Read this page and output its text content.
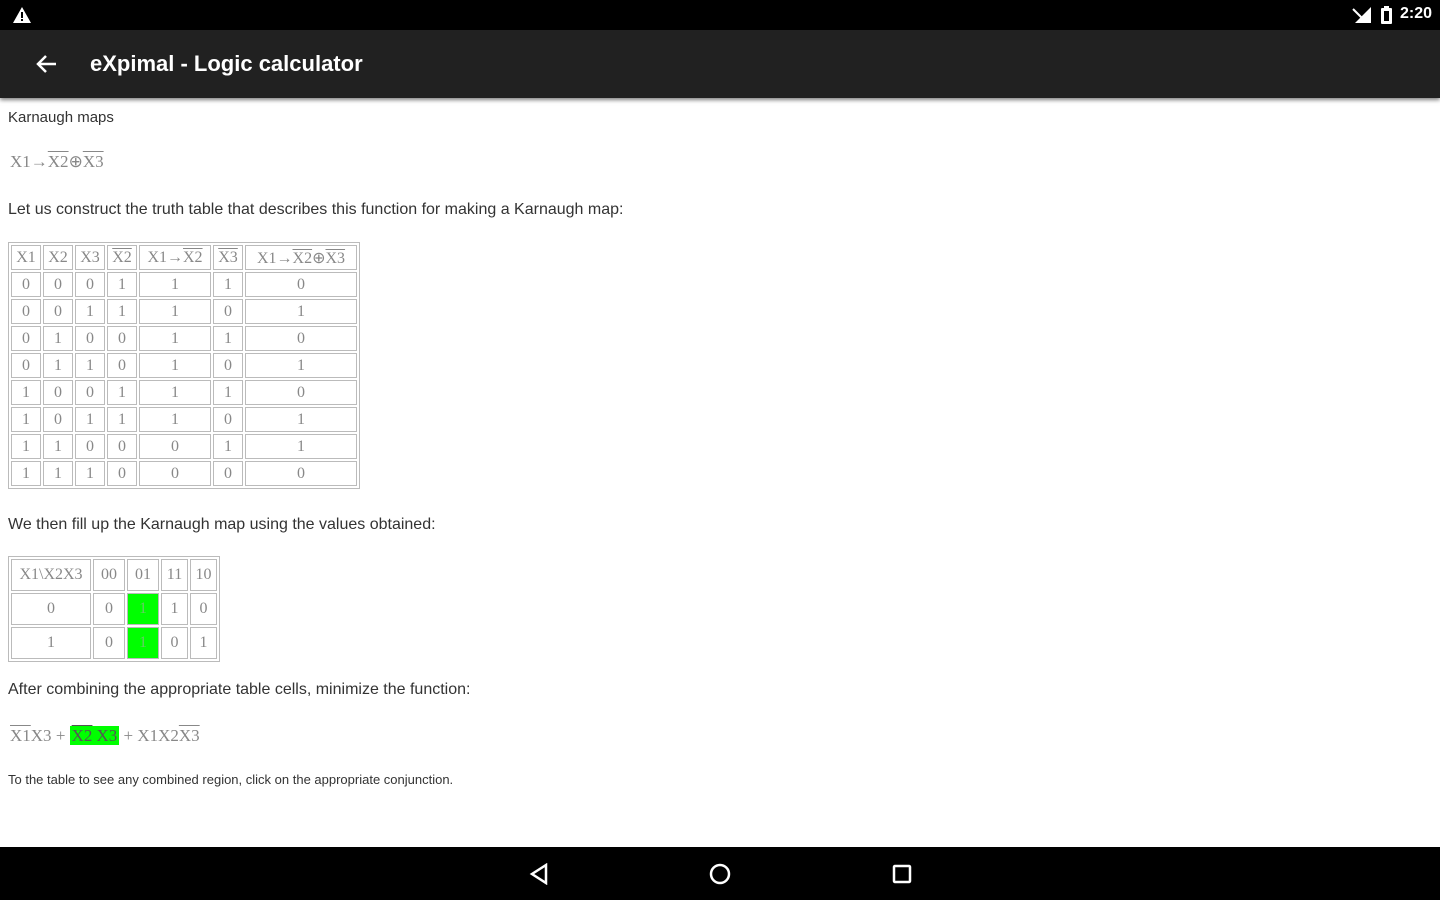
2:20
eXpimal - Logic calculator
Karnaugh maps
X1→X2⊕X3
Let us construct the truth table that describes this function for making a Karnaugh map:
X1	X2	X3	X2	X1→X2	X3	X1→X2⊕X3
0	0	0	1	1	1	0
0	0	1	1	1	0	1
0	1	0	0	1	1	0
0	1	1	0	1	0	1
1	0	0	1	1	1	0
1	0	1	1	1	0	1
1	1	0	0	0	1	1
1	1	1	0	0	0	0
We then fill up the Karnaugh map using the values obtained:
X1\X2X3	00	01	11	10
0	0	1	1	0
1	0	1	0	1
After combining the appropriate table cells, minimize the function:
X1X3 + X2 X3 + X1X2X3
To the table to see any combined region, click on the appropriate conjunction.
